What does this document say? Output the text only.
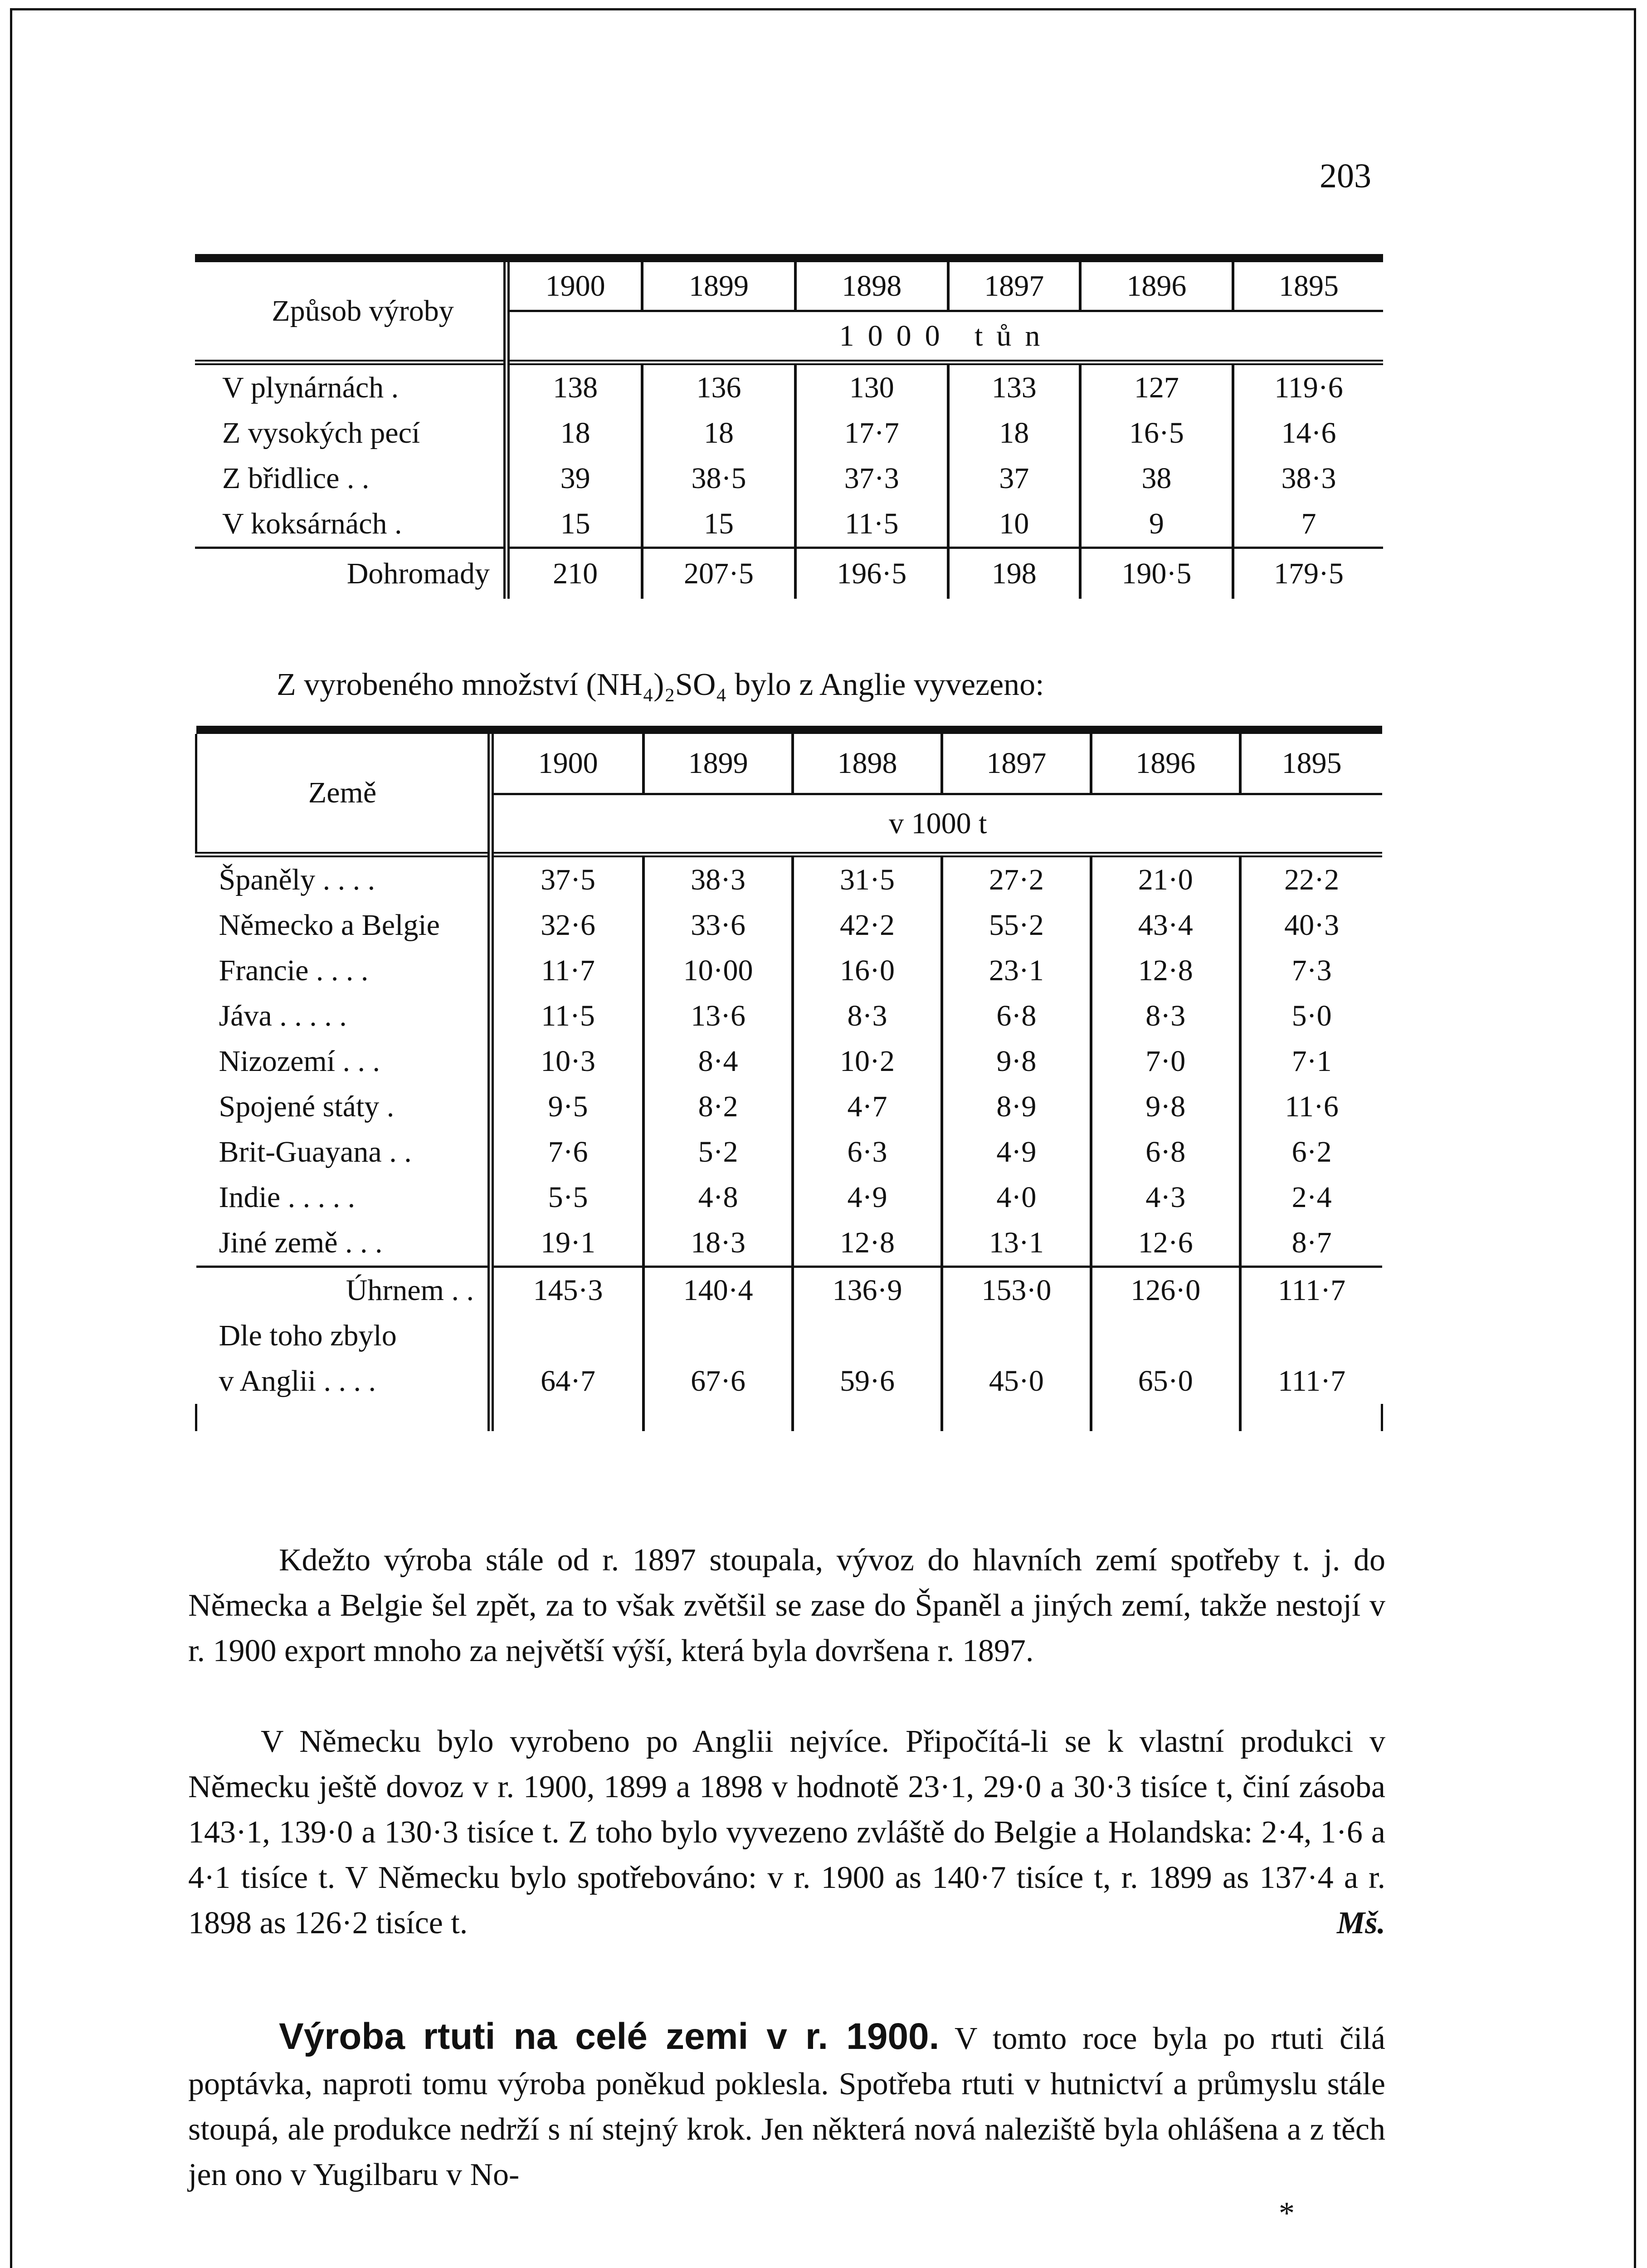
203

Způsob výroby	1900	1899	1898	1897	1896	1895
	1000 tůn					
V plynárnách .	138	136	130	133	127	119·6
Z vysokých pecí	18	18	17·7	18	16·5	14·6
Z břidlice . .	39	38·5	37·3	37	38	38·3
V koksárnách .	15	15	11·5	10	9	7
Dohromady	210	207·5	196·5	198	190·5	179·5
Z vyrobeného množství (NH₄)₂SO₄ bylo z Anglie vyvezeno:

Země	1900	1899	1898	1897	1896	1895
	v 1000 t					
Španěly . . . .	37·5	38·3	31·5	27·2	21·0	22·2
Německo a Belgie	32·6	33·6	42·2	55·2	43·4	40·3
Francie . . . .	11·7	10·00	16·0	23·1	12·8	7·3
Jáva . . . . .	11·5	13·6	8·3	6·8	8·3	5·0
Nizozemí . . .	10·3	8·4	10·2	9·8	7·0	7·1
Spojené státy .	9·5	8·2	4·7	8·9	9·8	11·6
Brit-Guayana . .	7·6	5·2	6·3	4·9	6·8	6·2
Indie . . . . .	5·5	4·8	4·9	4·0	4·3	2·4
Jiné země . . .	19·1	18·3	12·8	13·1	12·6	8·7
Úhrnem . .	145·3	140·4	136·9	153·0	126·0	111·7
Dle toho zbylo						
v Anglii . . . .	64·7	67·6	59·6	45·0	65·0	111·7

Kdežto výroba stále od r. 1897 stoupala, vývoz do hlavních zemí spotřeby t. j. do Německa a Belgie šel zpět, za to však zvětšil se zase do Španěl a jiných zemí, takže nestojí v r. 1900 export mnoho za největší výší, která byla dovršena r. 1897.
V Německu bylo vyrobeno po Anglii nejvíce. Připočítá-li se k vlastní produkci v Německu ještě dovoz v r. 1900, 1899 a 1898 v hodnotě 23·1, 29·0 a 30·3 tisíce t, činí zásoba 143·1, 139·0 a 130·3 tisíce t. Z toho bylo vyvezeno zvláště do Belgie a Holandska: 2·4, 1·6 a 4·1 tisíce t. V Německu bylo spotřebováno: v r. 1900 as 140·7 tisíce t, r. 1899 as 137·4 a r. 1898 as 126·2 tisíce t.	Mš.
Výroba rtuti na celé zemi v r. 1900. V tomto roce byla po rtuti čilá poptávka, naproti tomu výroba poněkud poklesla. Spotřeba rtuti v hutnictví a průmyslu stále stoupá, ale produkce nedrží s ní stejný krok. Jen některá nová naleziště byla ohlášena a z těch jen ono v Yugilbaru v No-
*
